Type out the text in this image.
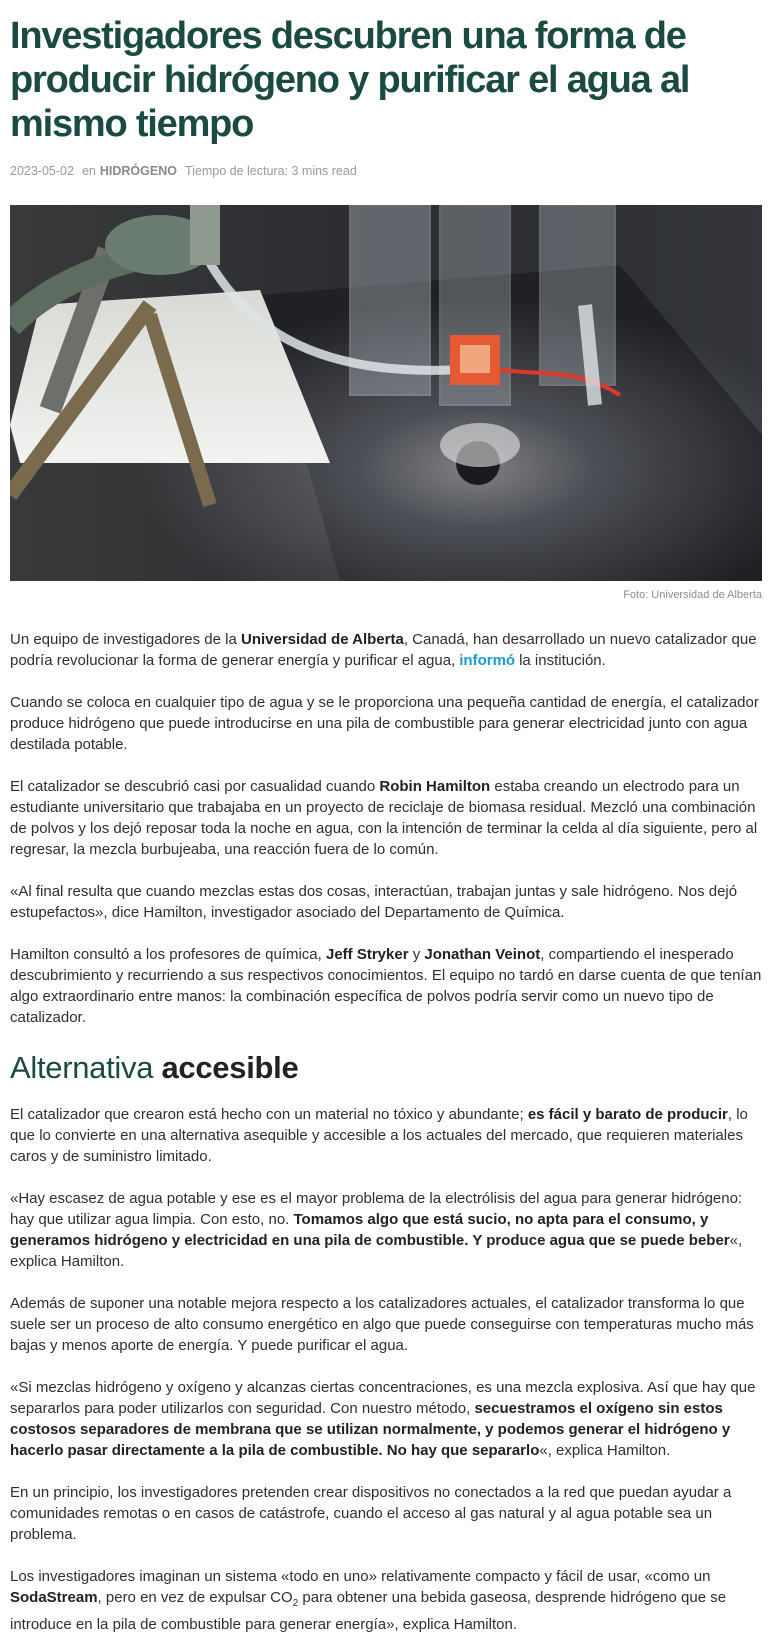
Investigadores descubren una forma de producir hidrógeno y purificar el agua al mismo tiempo
2023-05-02 en HIDRÓGENO Tiempo de lectura: 3 mins read
Foto: Universidad de Alberta

Un equipo de investigadores de la Universidad de Alberta, Canadá, han desarrollado un nuevo catalizador que podría revolucionar la forma de generar energía y purificar el agua, informó la institución.

Cuando se coloca en cualquier tipo de agua y se le proporciona una pequeña cantidad de energía, el catalizador produce hidrógeno que puede introducirse en una pila de combustible para generar electricidad junto con agua destilada potable.

El catalizador se descubrió casi por casualidad cuando Robin Hamilton estaba creando un electrodo para un estudiante universitario que trabajaba en un proyecto de reciclaje de biomasa residual. Mezcló una combinación de polvos y los dejó reposar toda la noche en agua, con la intención de terminar la celda al día siguiente, pero al regresar, la mezcla burbujeaba, una reacción fuera de lo común.

«Al final resulta que cuando mezclas estas dos cosas, interactúan, trabajan juntas y sale hidrógeno. Nos dejó estupefactos», dice Hamilton, investigador asociado del Departamento de Química.

Hamilton consultó a los profesores de química, Jeff Stryker y Jonathan Veinot, compartiendo el inesperado descubrimiento y recurriendo a sus respectivos conocimientos. El equipo no tardó en darse cuenta de que tenían algo extraordinario entre manos: la combinación específica de polvos podría servir como un nuevo tipo de catalizador.

Alternativa accesible

El catalizador que crearon está hecho con un material no tóxico y abundante; es fácil y barato de producir, lo que lo convierte en una alternativa asequible y accesible a los actuales del mercado, que requieren materiales caros y de suministro limitado.

«Hay escasez de agua potable y ese es el mayor problema de la electrólisis del agua para generar hidrógeno: hay que utilizar agua limpia. Con esto, no. Tomamos algo que está sucio, no apta para el consumo, y generamos hidrógeno y electricidad en una pila de combustible. Y produce agua que se puede beber«, explica Hamilton.

Además de suponer una notable mejora respecto a los catalizadores actuales, el catalizador transforma lo que suele ser un proceso de alto consumo energético en algo que puede conseguirse con temperaturas mucho más bajas y menos aporte de energía. Y puede purificar el agua.

«Si mezclas hidrógeno y oxígeno y alcanzas ciertas concentraciones, es una mezcla explosiva. Así que hay que separarlos para poder utilizarlos con seguridad. Con nuestro método, secuestramos el oxígeno sin estos costosos separadores de membrana que se utilizan normalmente, y podemos generar el hidrógeno y hacerlo pasar directamente a la pila de combustible. No hay que separarlo«, explica Hamilton.

En un principio, los investigadores pretenden crear dispositivos no conectados a la red que puedan ayudar a comunidades remotas o en casos de catástrofe, cuando el acceso al gas natural y al agua potable sea un problema.

Los investigadores imaginan un sistema «todo en uno» relativamente compacto y fácil de usar, «como un SodaStream, pero en vez de expulsar $CO_2$ para obtener una bebida gaseosa, desprende hidrógeno que se introduce en la pila de combustible para generar energía», explica Hamilton.
